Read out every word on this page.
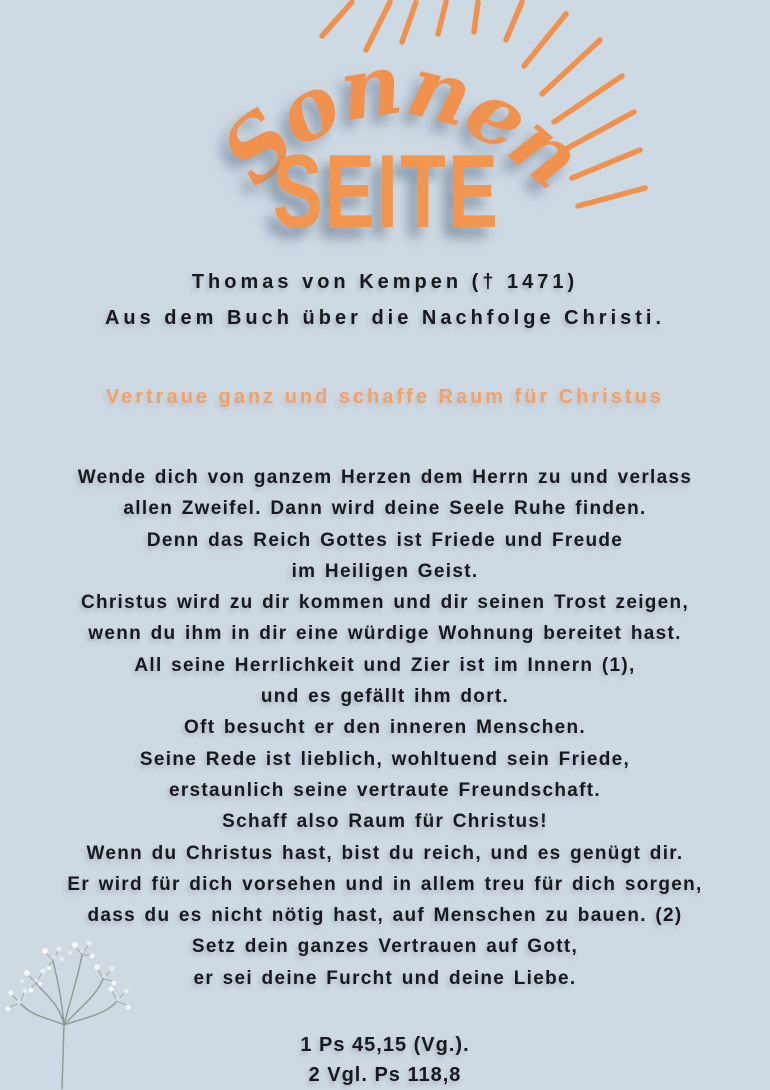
Sonnen
SEITE
Thomas von Kempen († 1471)
Aus dem Buch über die Nachfolge Christi.
Vertraue ganz und schaffe Raum für Christus
Wende dich von ganzem Herzen dem Herrn zu und verlass
allen Zweifel. Dann wird deine Seele Ruhe finden.
Denn das Reich Gottes ist Friede und Freude
im Heiligen Geist.
Christus wird zu dir kommen und dir seinen Trost zeigen,
wenn du ihm in dir eine würdige Wohnung bereitet hast.
All seine Herrlichkeit und Zier ist im Innern (1),
und es gefällt ihm dort.
Oft besucht er den inneren Menschen.
Seine Rede ist lieblich, wohltuend sein Friede,
erstaunlich seine vertraute Freundschaft.
Schaff also Raum für Christus!
Wenn du Christus hast, bist du reich, und es genügt dir.
Er wird für dich vorsehen und in allem treu für dich sorgen,
dass du es nicht nötig hast, auf Menschen zu bauen. (2)
Setz dein ganzes Vertrauen auf Gott,
er sei deine Furcht und deine Liebe.
1 Ps 45,15 (Vg.).
2 Vgl. Ps 118,8
